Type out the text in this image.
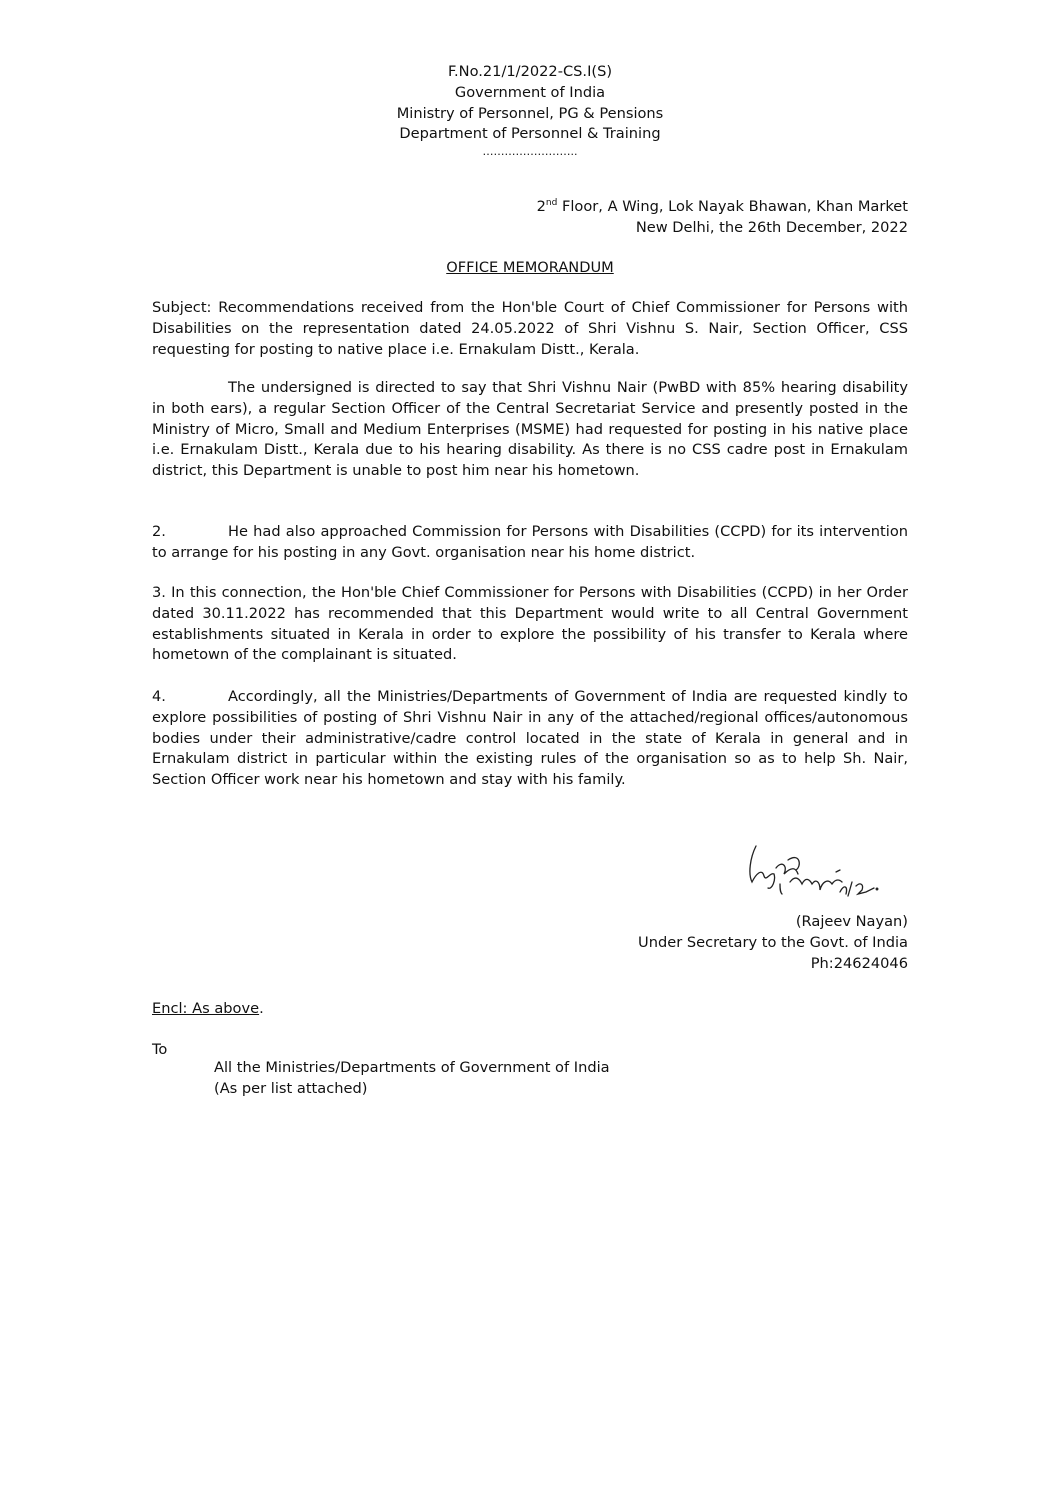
F.No.21/1/2022-CS.I(S)
Government of India
Ministry of Personnel, PG & Pensions
Department of Personnel & Training
……………………..
2nd Floor, A Wing, Lok Nayak Bhawan, Khan Market
New Delhi, the 26th December, 2022
OFFICE MEMORANDUM

Subject: Recommendations received from the Hon'ble Court of Chief Commissioner for Persons with Disabilities on the representation dated 24.05.2022 of Shri Vishnu S. Nair, Section Officer, CSS requesting for posting to native place i.e. Ernakulam Distt., Kerala.

The undersigned is directed to say that Shri Vishnu Nair (PwBD with 85% hearing disability in both ears), a regular Section Officer of the Central Secretariat Service and presently posted in the Ministry of Micro, Small and Medium Enterprises (MSME) had requested for posting in his native place i.e. Ernakulam Distt., Kerala due to his hearing disability. As there is no CSS cadre post in Ernakulam district, this Department is unable to post him near his hometown.

2.	He had also approached Commission for Persons with Disabilities (CCPD) for its intervention to arrange for his posting in any Govt. organisation near his home district.

3. In this connection, the Hon'ble Chief Commissioner for Persons with Disabilities (CCPD) in her Order dated 30.11.2022 has recommended that this Department would write to all Central Government establishments situated in Kerala in order to explore the possibility of his transfer to Kerala where hometown of the complainant is situated.

4.	Accordingly, all the Ministries/Departments of Government of India are requested kindly to explore possibilities of posting of Shri Vishnu Nair in any of the attached/regional offices/autonomous bodies under their administrative/cadre control located in the state of Kerala in general and in Ernakulam district in particular within the existing rules of the organisation so as to help Sh. Nair, Section Officer work near his hometown and stay with his family.

(Rajeev Nayan)
Under Secretary to the Govt. of India
Ph:24624046
Encl: As above.
To
All the Ministries/Departments of Government of India
(As per list attached)
